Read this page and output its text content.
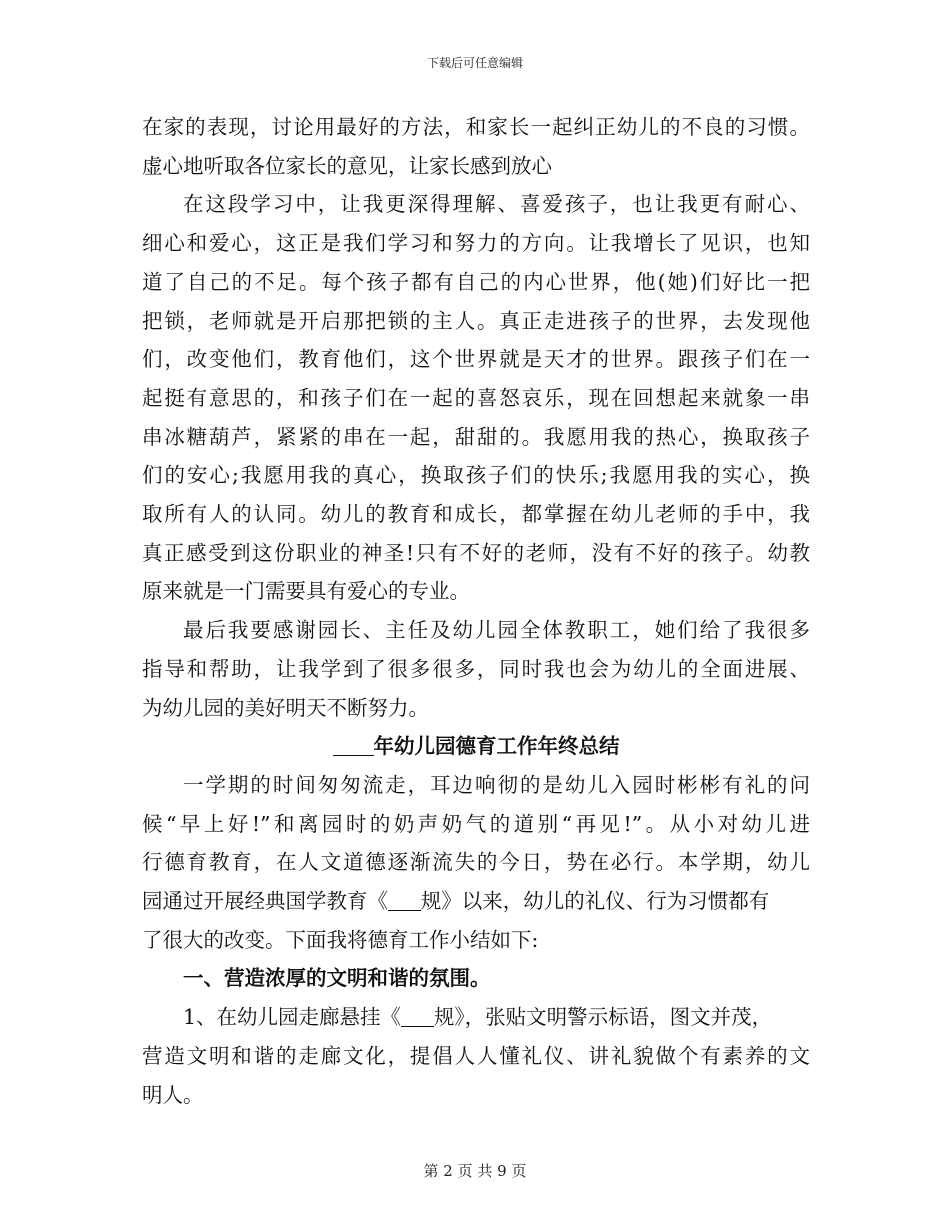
下载后可任意编辑

在家的表现，讨论用最好的方法，和家长一起纠正幼儿的不良的习惯。
虚心地听取各位家长的意见，让家长感到放心

在这段学习中，让我更深得理解、喜爱孩子，也让我更有耐心、
细心和爱心，这正是我们学习和努力的方向。让我增长了见识，也知
道了自己的不足。每个孩子都有自己的内心世界，他(她)们好比一把
把锁，老师就是开启那把锁的主人。真正走进孩子的世界，去发现他
们，改变他们，教育他们，这个世界就是天才的世界。跟孩子们在一
起挺有意思的，和孩子们在一起的喜怒哀乐，现在回想起来就象一串
串冰糖葫芦，紧紧的串在一起，甜甜的。我愿用我的热心，换取孩子
们的安心;我愿用我的真心，换取孩子们的快乐;我愿用我的实心，换
取所有人的认同。幼儿的教育和成长，都掌握在幼儿老师的手中，我
真正感受到这份职业的神圣!只有不好的老师，没有不好的孩子。幼教
原来就是一门需要具有爱心的专业。

最后我要感谢园长、主任及幼儿园全体教职工，她们给了我很多
指导和帮助，让我学到了很多很多，同时我也会为幼儿的全面进展、
为幼儿园的美好明天不断努力。

年幼儿园德育工作年终总结

一学期的时间匆匆流走，耳边响彻的是幼儿入园时彬彬有礼的问
候“早上好!”和离园时的奶声奶气的道别“再见!”。从小对幼儿进
行德育教育，在人文道德逐渐流失的今日，势在必行。本学期，幼儿
园通过开展经典国学教育《 规》以来，幼儿的礼仪、行为习惯都有
了很大的改变。下面我将德育工作小结如下:

一、营造浓厚的文明和谐的氛围。

1、在幼儿园走廊悬挂《 规》，张贴文明警示标语，图文并茂，
营造文明和谐的走廊文化，提倡人人懂礼仪、讲礼貌做个有素养的文
明人。

第 2 页 共 9 页
